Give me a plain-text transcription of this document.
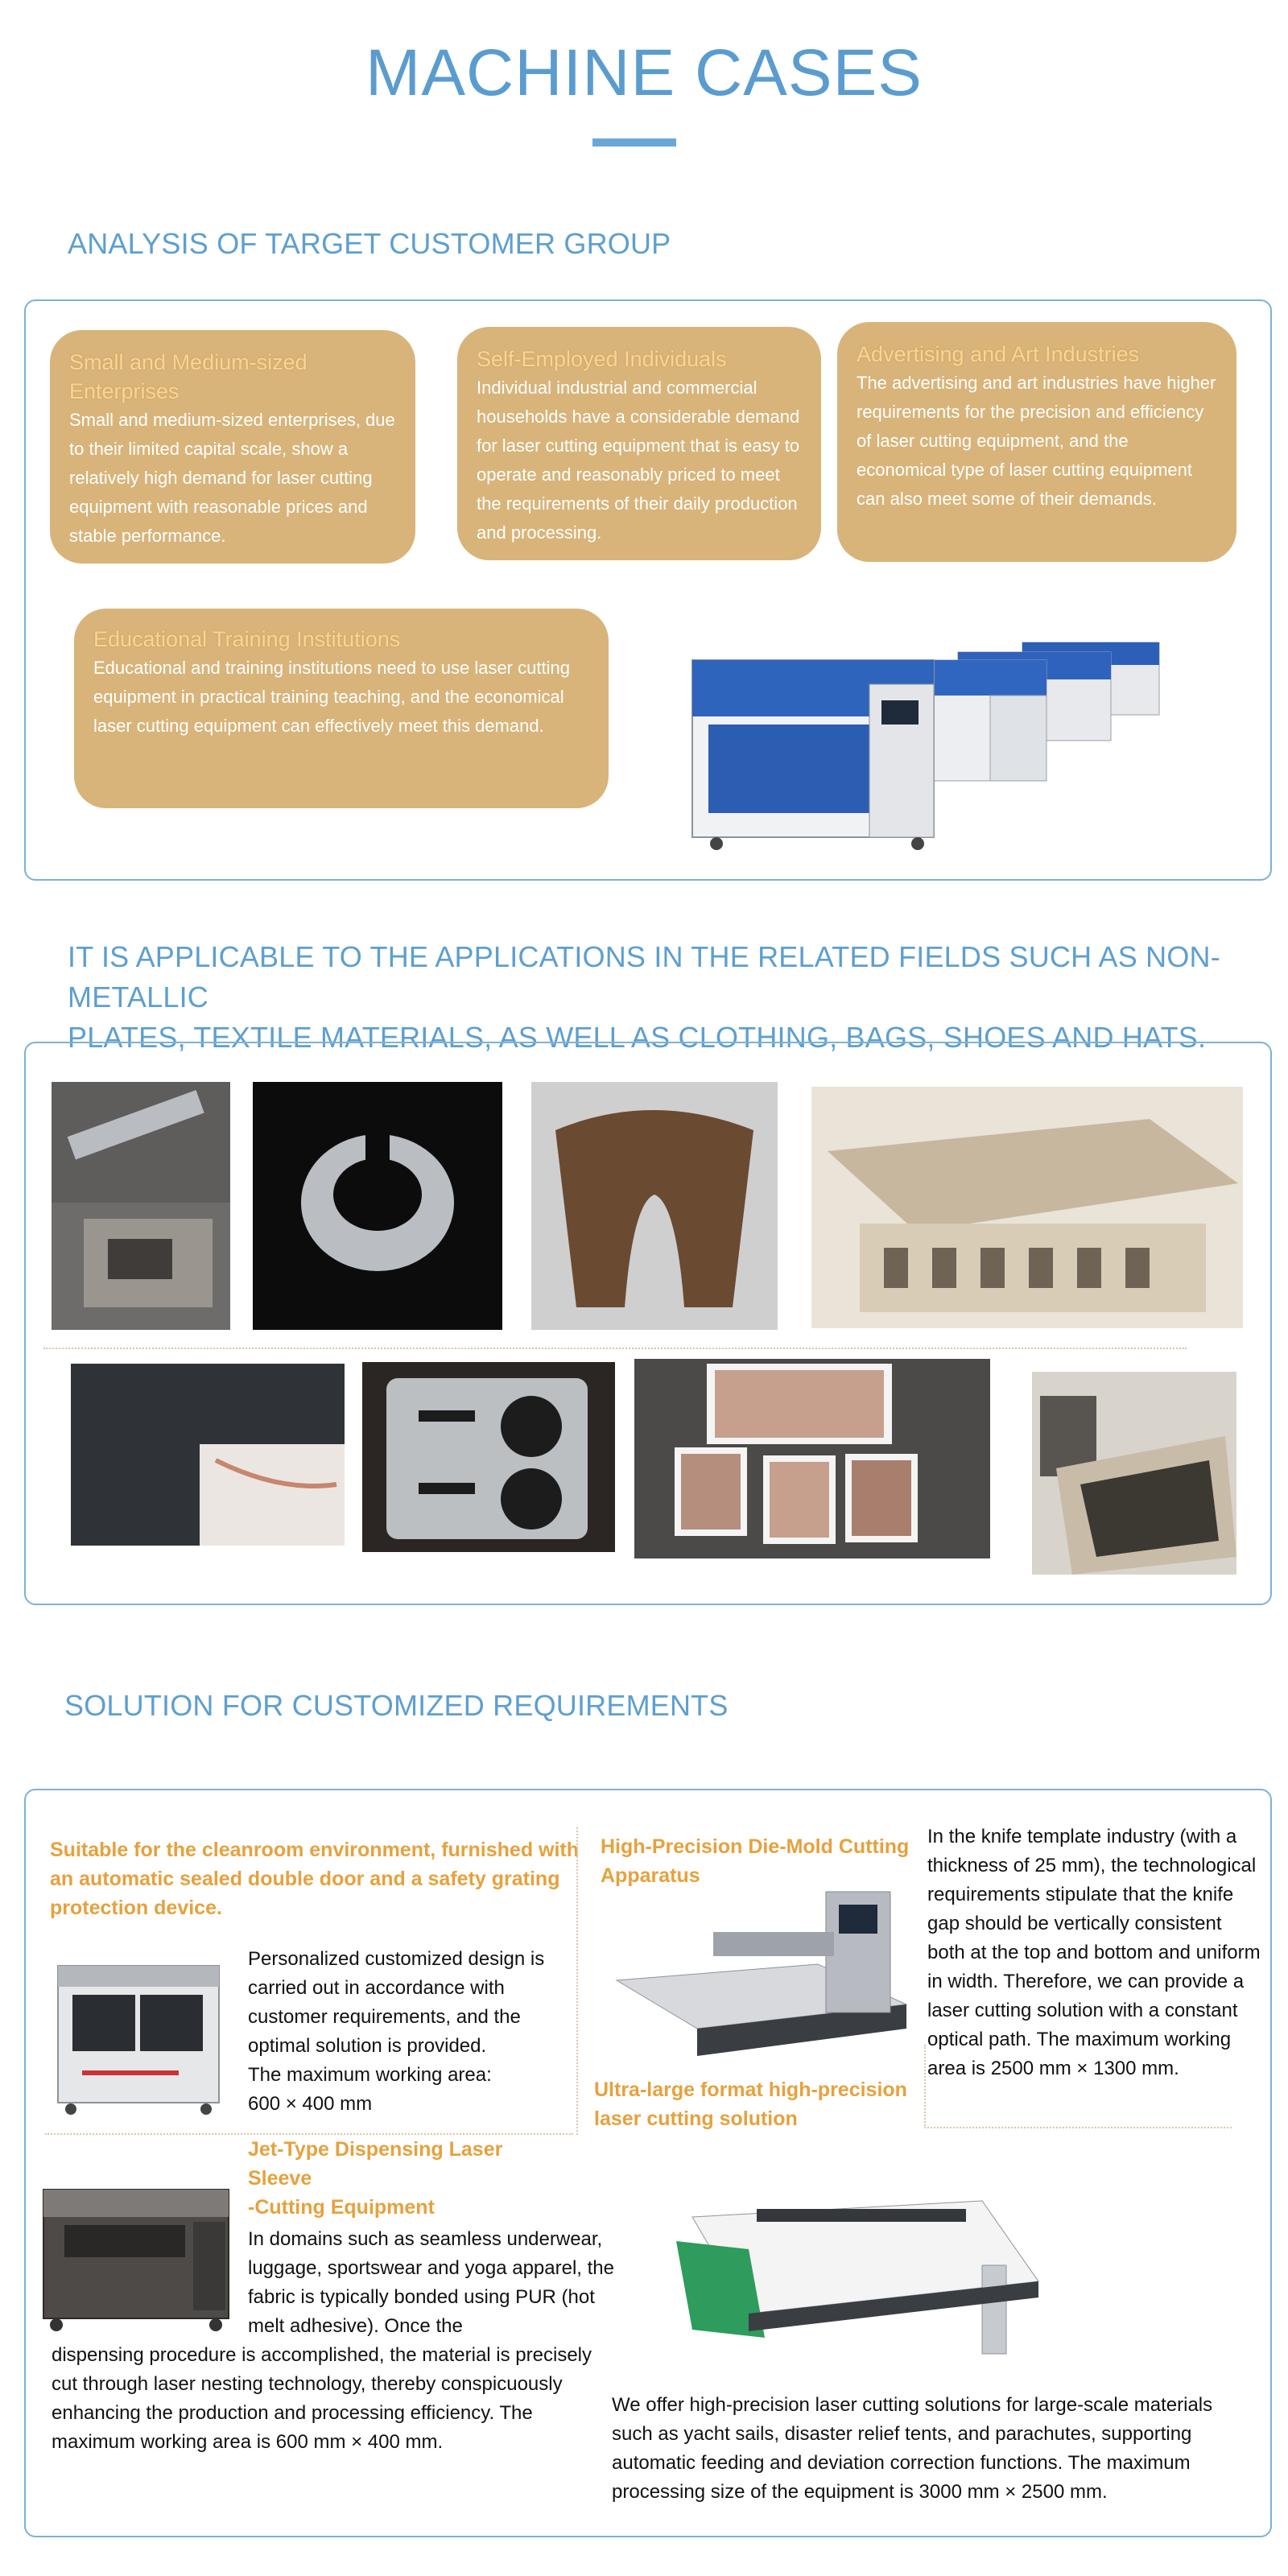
MACHINE CASES
ANALYSIS OF TARGET CUSTOMER GROUP
Small and Medium-sized Enterprises
Small and medium-sized enterprises, due to their limited capital scale, show a relatively high demand for laser cutting equipment with reasonable prices and stable performance.
Self-Employed Individuals
Individual industrial and commercial households have a considerable demand for laser cutting equipment that is easy to operate and reasonably priced to meet the requirements of their daily production and processing.
Advertising and Art Industries
The advertising and art industries have higher requirements for the precision and efficiency of laser cutting equipment, and the economical type of laser cutting equipment can also meet some of their demands.
Educational Training Institutions
Educational and training institutions need to use laser cutting equipment in practical training teaching, and the economical laser cutting equipment can effectively meet this demand.
IT IS APPLICABLE TO THE APPLICATIONS IN THE RELATED FIELDS SUCH AS NON-METALLIC
PLATES, TEXTILE MATERIALS, AS WELL AS CLOTHING, BAGS, SHOES AND HATS.
SOLUTION FOR CUSTOMIZED REQUIREMENTS
Suitable for the cleanroom environment, furnished with an automatic sealed double door and a safety grating protection device.
Personalized customized design is carried out in accordance with customer requirements, and the optimal solution is provided.
The maximum working area:
600 × 400 mm
High-Precision Die-Mold Cutting Apparatus
In the knife template industry (with a thickness of 25 mm), the technological requirements stipulate that the knife gap should be vertically consistent both at the top and bottom and uniform in width. Therefore, we can provide a laser cutting solution with a constant optical path. The maximum working area is 2500 mm × 1300 mm.
Ultra-large format high-precision laser cutting solution
Jet-Type Dispensing Laser Sleeve
-Cutting Equipment
In domains such as seamless underwear, luggage, sportswear and yoga apparel, the fabric is typically bonded using PUR (hot melt adhesive). Once the
dispensing procedure is accomplished, the material is precisely cut through laser nesting technology, thereby conspicuously enhancing the production and processing efficiency. The maximum working area is 600 mm × 400 mm.
We offer high-precision laser cutting solutions for large-scale materials such as yacht sails, disaster relief tents, and parachutes, supporting automatic feeding and deviation correction functions. The maximum processing size of the equipment is 3000 mm × 2500 mm.
